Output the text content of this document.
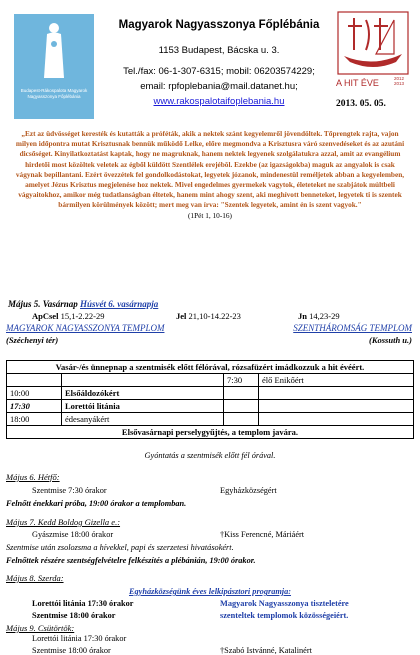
Budapest-Rákospalota Magyarok Nagyasszonya Főplébánia
A HIT ÉVE	2012 2013
Magyarok Nagyasszonya Főplébánia
1153 Budapest, Bácska u. 3.
Tel./fax: 06-1-307-6315; mobil: 06203574229;
email: rpfoplebania@mail.datanet.hu;
www.rakospalotaifoplebania.hu	2013. 05. 05.
„Ezt az üdvösséget keresték és kutatták a próféták, akik a nektek szánt kegyelemről jövendöltek. Tőprengtek rajta, vajon milyen időpontra mutat Krisztusnak bennük működő Lelke, előre megmondva a Krisztusra váró szenvedéseket és az azutáni dicsőséget. Kinyilatkoztatást kaptak, hogy ne magruknak, hanem nektek legyenek szolgálatukra azzal, amit az evangélium hirdetői most közöltek veletek az égből küldött Szentlélek erejébõl. Ezekbe (az igazságokba) maguk az angyalok is csak vágynak bepillantani. Ezért övezzétek fel gondolkodástokat, legyetek józanok, mindenestül reméljetek abban a kegyelemben, amelyet Jézus Krisztus megjelenése hoz nektek. Mivel engedelmes gyermekek vagytok, életeteket ne szabjátok múltbeli vágyaitokhoz, amikor még tudatlanságban éltetek, hanem mint ahogy szent, aki meghívott benneteket, legyetek ti is szentek bármilyen körülmények között; mert meg van írva: "Szentek legyetek, amint én is szent vagyok."
(1Pét 1, 10-16)
Május 5. Vasárnap Húsvét 6. vasárnapja
ApCsel 15,1-2.22-29	Jel 21,10-14.22-23	Jn 14,23-29
MAGYAROK NAGYASSZONYA TEMPLOM	SZENTHÁROMSÁG TEMPLOM
(Széchenyi tér)	(Kossuth u.)
Vasár-/és ünnepnap a szentmisék előtt félórával, rózsafüzért imádkozzuk a hit évéért.			
		7:30	élő Enikőért
10:00	Elsőáldozókért		
17:30	Lorettói litánia		
18:00	édesanyákért		
Elsővasárnapi perselygyűjtés, a templom javára.			
Gyóntatás a szentmisék előtt fél órával.
Május 6. Hétfő:
Szentmise 7:30 órakor	Egyházközségért
Felnőtt énekkari próba, 19:00 órakor a templomban.
Május 7. Kedd Boldog Gizella e.:
Gyászmise 18:00 órakor	†Kiss Ferencné, Máriáért
Szentmise után zsolozsma a hívekkel, papi és szerzetesi hivatásokért.
Felnőttek részére szentségfelvételre felkészítés a plébánián, 19:00 órakor.
Május 8. Szerda:
Egyházközségünk éves lelkipásztori programja:
Lorettói litánia 17:30 órakor	Magyarok Nagyasszonya tiszteletére
Szentmise 18:00 órakor	szenteltek templomok közösségeiért.
Május 9. Csütörtök:
Lorettói litánia 17:30 órakor
Szentmise 18:00 órakor	†Szabó Istvánné, Katalinért
